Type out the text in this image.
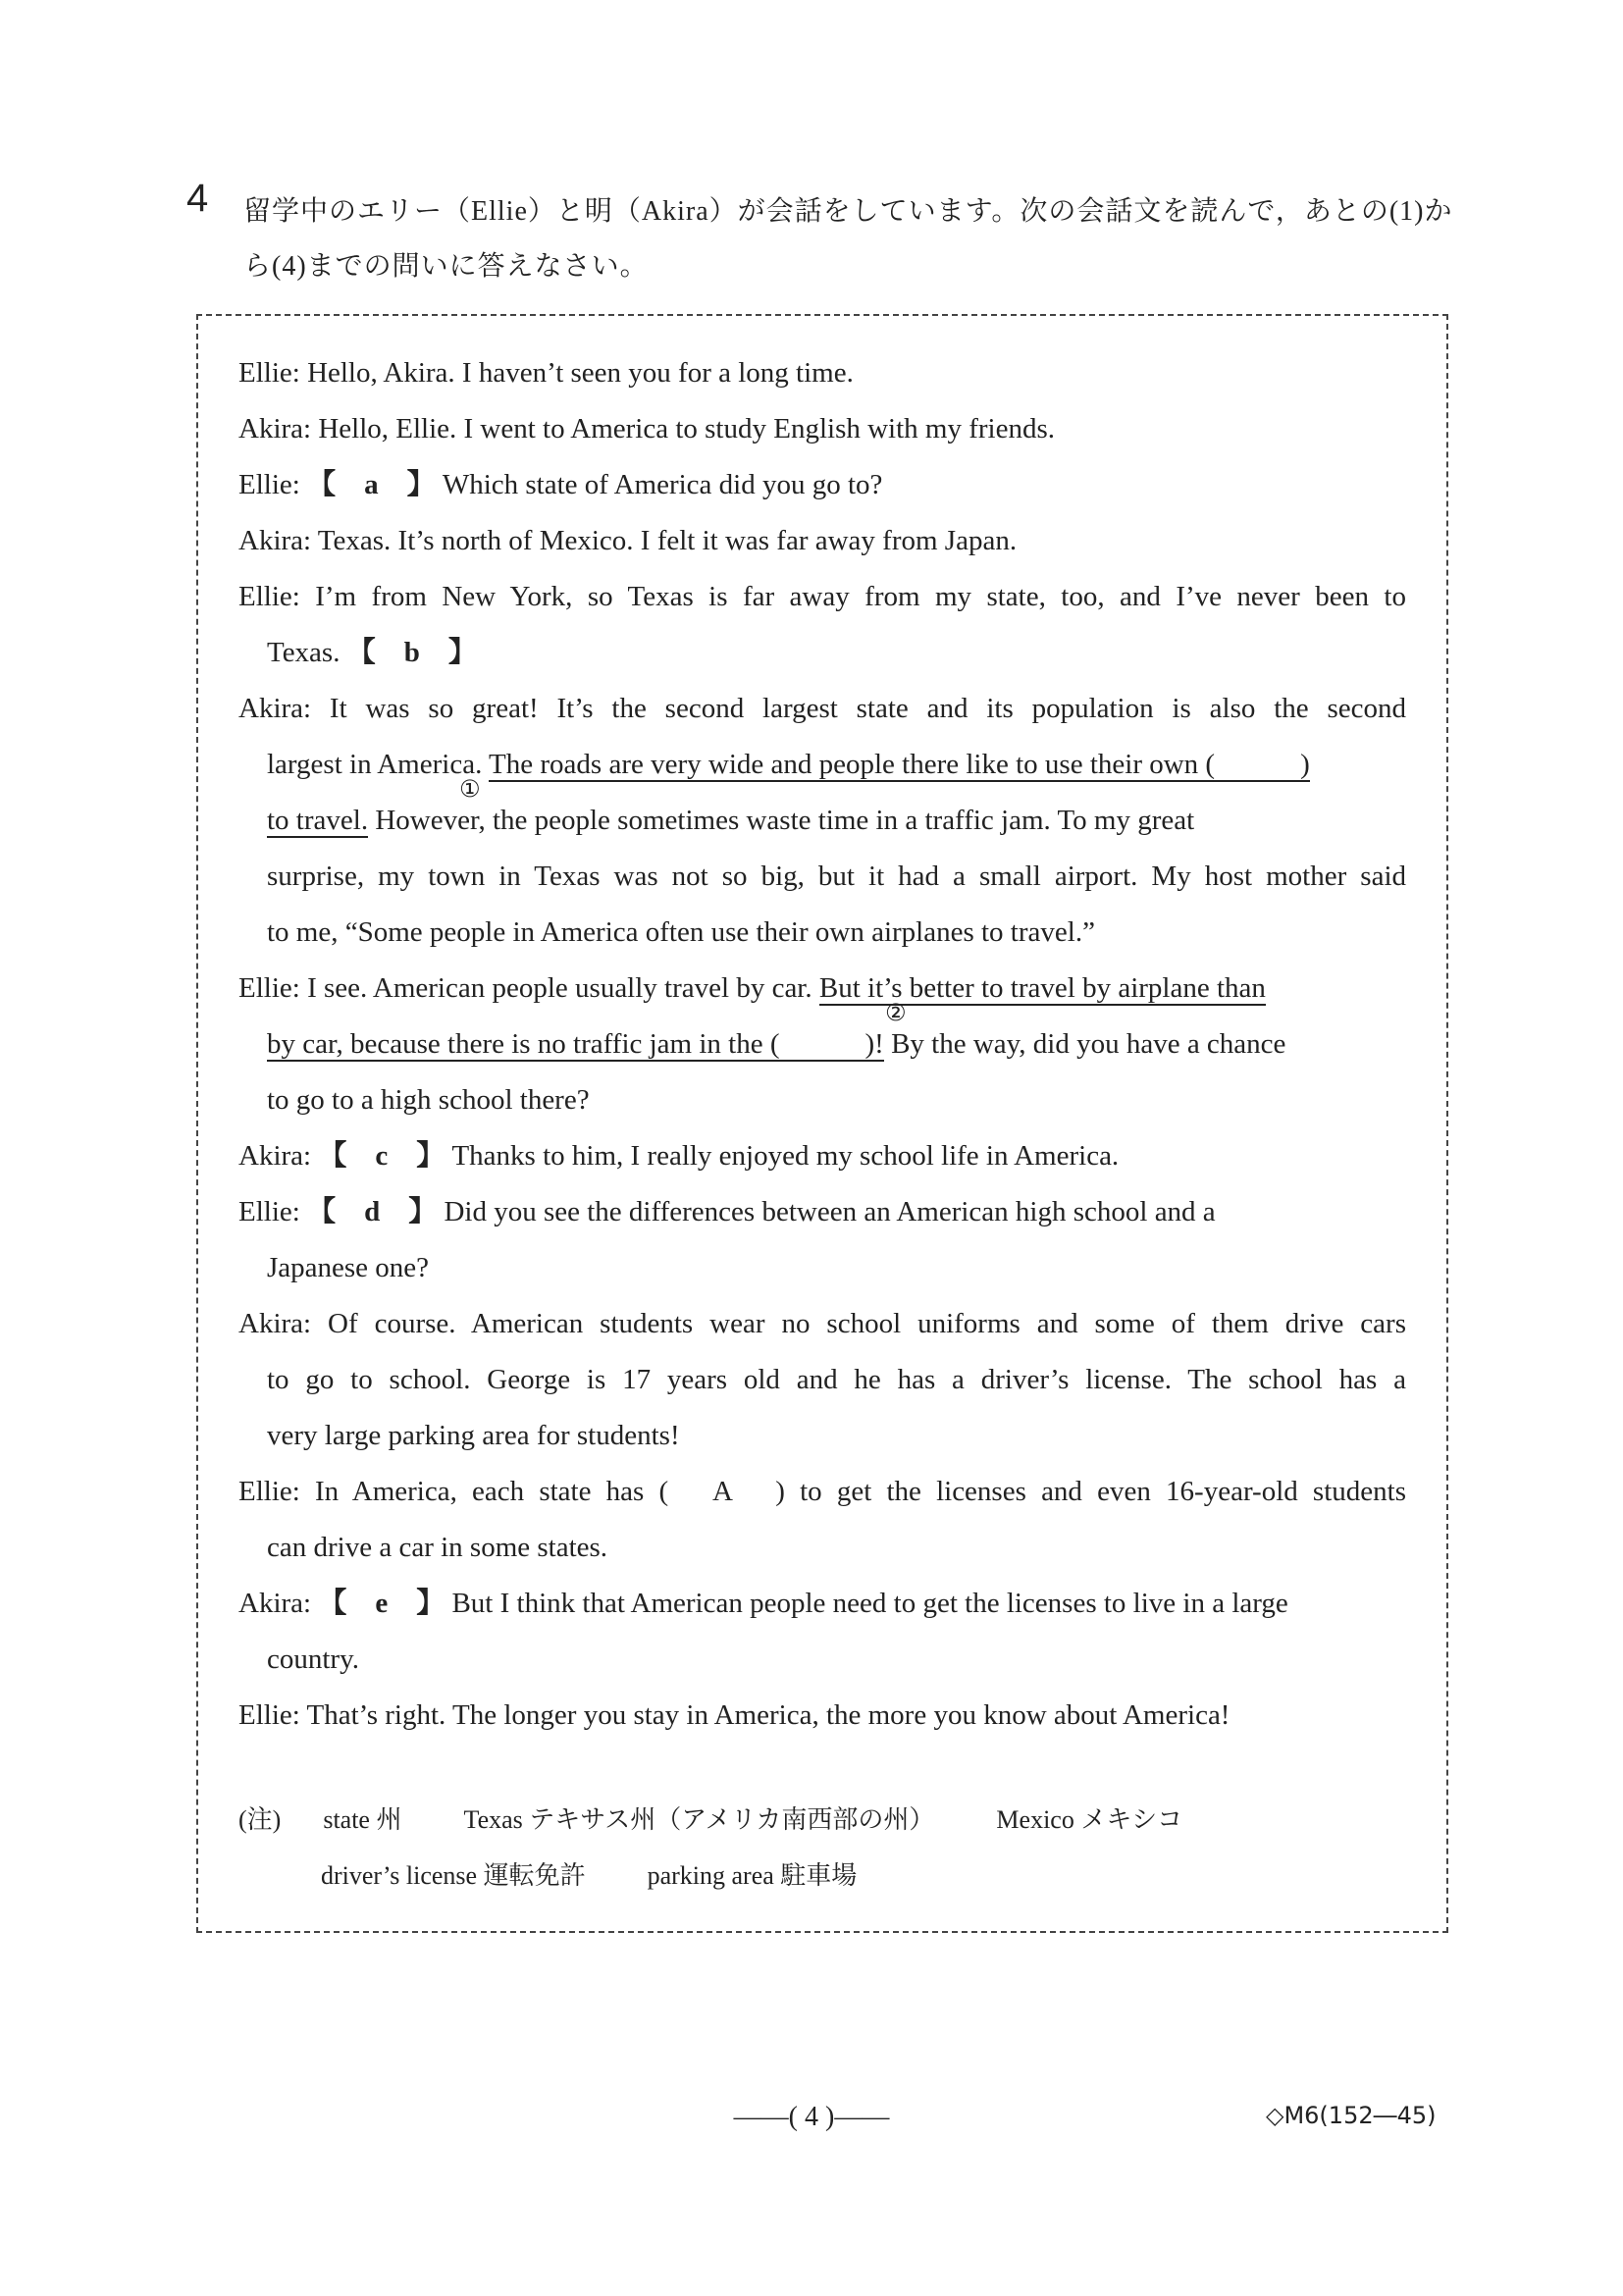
4 留学中のエリー（Ellie）と明（Akira）が会話をしています。次の会話文を読んで，あとの(1)から(4)までの問いに答えなさい。
Ellie: Hello, Akira. I haven’t seen you for a long time.
Akira: Hello, Ellie. I went to America to study English with my friends.
Ellie: 【　a　】 Which state of America did you go to?
Akira: Texas. It’s north of Mexico. I felt it was far away from Japan.
Ellie: I’m from New York, so Texas is far away from my state, too, and I’ve never been to
Texas. 【　b　】
Akira: It was so great! It’s the second largest state and its population is also the second
largest in America. The roads are very wide and people there like to use their own (　　　)
①
to travel. However, the people sometimes waste time in a traffic jam. To my great
surprise, my town in Texas was not so big, but it had a small airport. My host mother said
to me, “Some people in America often use their own airplanes to travel.”
Ellie: I see. American people usually travel by car. But it’s better to travel by airplane than
②
by car, because there is no traffic jam in the (　　　)! By the way, did you have a chance
to go to a high school there?
Akira: 【　c　】 Thanks to him, I really enjoyed my school life in America.
Ellie: 【　d　】 Did you see the differences between an American high school and a
Japanese one?
Akira: Of course. American students wear no school uniforms and some of them drive cars
to go to school. George is 17 years old and he has a driver’s license. The school has a
very large parking area for students!
Ellie: In America, each state has (　A　) to get the licenses and even 16-year-old students
can drive a car in some states.
Akira: 【　e　】 But I think that American people need to get the licenses to live in a large
country.
Ellie: That’s right. The longer you stay in America, the more you know about America!
(注) state 州 Texas テキサス州（アメリカ南西部の州） Mexico メキシコ
driver’s license 運転免許 parking area 駐車場
――( 4 )――	◇M6(152―45)
